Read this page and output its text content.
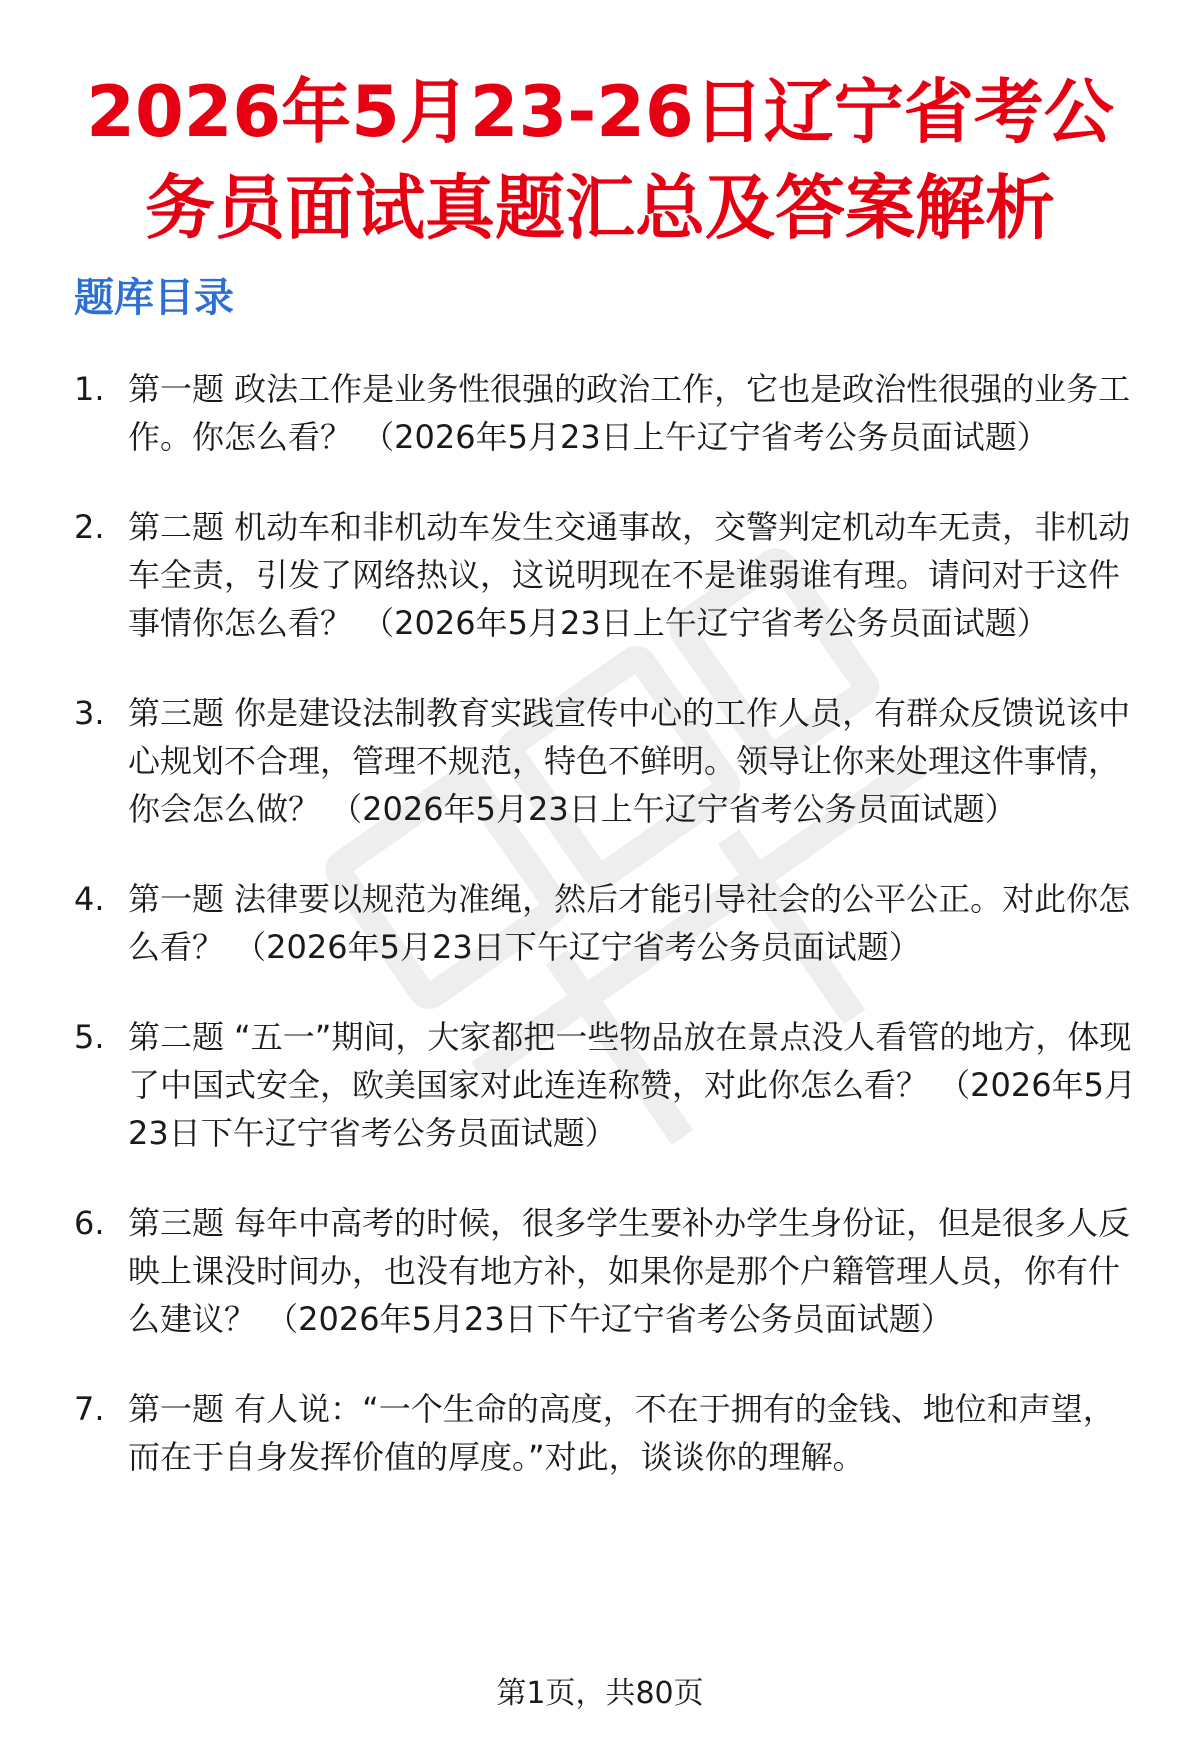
2026年5月23-26日辽宁省考公务员面试真题汇总及答案解析
题库目录
1. 第一题 政法工作是业务性很强的政治工作，它也是政治性很强的业务工作。你怎么看？ （2026年5月23日上午辽宁省考公务员面试题）
2. 第二题 机动车和非机动车发生交通事故，交警判定机动车无责，非机动车全责，引发了网络热议，这说明现在不是谁弱谁有理。请问对于这件事情你怎么看？ （2026年5月23日上午辽宁省考公务员面试题）
3. 第三题 你是建设法制教育实践宣传中心的工作人员，有群众反馈说该中心规划不合理，管理不规范，特色不鲜明。领导让你来处理这件事情，你会怎么做？ （2026年5月23日上午辽宁省考公务员面试题）
4. 第一题 法律要以规范为准绳，然后才能引导社会的公平公正。对此你怎么看？ （2026年5月23日下午辽宁省考公务员面试题）
5. 第二题 “五一”期间，大家都把一些物品放在景点没人看管的地方，体现了中国式安全，欧美国家对此连连称赞，对此你怎么看？ （2026年5月23日下午辽宁省考公务员面试题）
6. 第三题 每年中高考的时候，很多学生要补办学生身份证，但是很多人反映上课没时间办，也没有地方补，如果你是那个户籍管理人员，你有什么建议？ （2026年5月23日下午辽宁省考公务员面试题）
7. 第一题 有人说：“一个生命的高度，不在于拥有的金钱、地位和声望，而在于自身发挥价值的厚度。”对此，谈谈你的理解。
第1页，共80页
